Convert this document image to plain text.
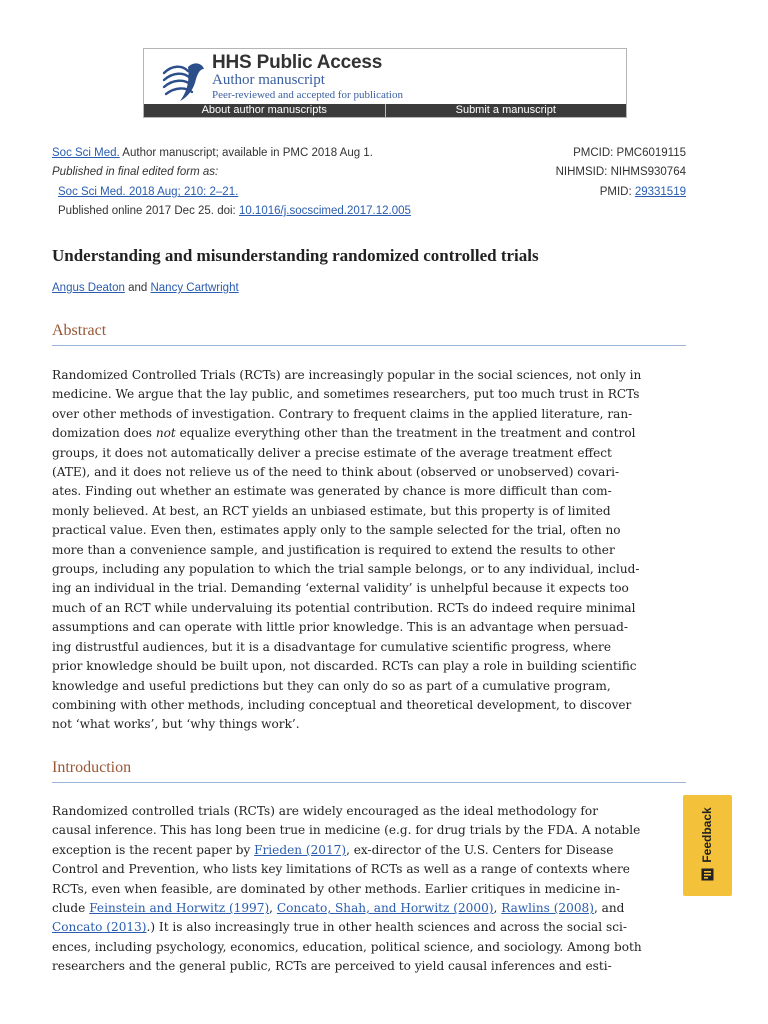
HHS Public Access
Author manuscript
Peer-reviewed and accepted for publication
About author manuscripts	Submit a manuscript
Soc Sci Med. Author manuscript; available in PMC 2018 Aug 1.
Published in final edited form as:
Soc Sci Med. 2018 Aug; 210: 2–21.
Published online 2017 Dec 25. doi: 10.1016/j.socscimed.2017.12.005
PMCID: PMC6019115
NIHMSID: NIHMS930764
PMID: 29331519
Understanding and misunderstanding randomized controlled trials
Angus Deaton and Nancy Cartwright
Abstract
Randomized Controlled Trials (RCTs) are increasingly popular in the social sciences, not only in
medicine. We argue that the lay public, and sometimes researchers, put too much trust in RCTs
over other methods of investigation. Contrary to frequent claims in the applied literature, ran-
domization does not equalize everything other than the treatment in the treatment and control
groups, it does not automatically deliver a precise estimate of the average treatment effect
(ATE), and it does not relieve us of the need to think about (observed or unobserved) covari-
ates. Finding out whether an estimate was generated by chance is more difficult than com-
monly believed. At best, an RCT yields an unbiased estimate, but this property is of limited
practical value. Even then, estimates apply only to the sample selected for the trial, often no
more than a convenience sample, and justification is required to extend the results to other
groups, including any population to which the trial sample belongs, or to any individual, includ-
ing an individual in the trial. Demanding ‘external validity’ is unhelpful because it expects too
much of an RCT while undervaluing its potential contribution. RCTs do indeed require minimal
assumptions and can operate with little prior knowledge. This is an advantage when persuad-
ing distrustful audiences, but it is a disadvantage for cumulative scientific progress, where
prior knowledge should be built upon, not discarded. RCTs can play a role in building scientific
knowledge and useful predictions but they can only do so as part of a cumulative program,
combining with other methods, including conceptual and theoretical development, to discover
not ‘what works’, but ‘why things work’.
Introduction
Randomized controlled trials (RCTs) are widely encouraged as the ideal methodology for
causal inference. This has long been true in medicine (e.g. for drug trials by the FDA. A notable
exception is the recent paper by Frieden (2017), ex-director of the U.S. Centers for Disease
Control and Prevention, who lists key limitations of RCTs as well as a range of contexts where
RCTs, even when feasible, are dominated by other methods. Earlier critiques in medicine in-
clude Feinstein and Horwitz (1997), Concato, Shah, and Horwitz (2000), Rawlins (2008), and
Concato (2013).) It is also increasingly true in other health sciences and across the social sci-
ences, including psychology, economics, education, political science, and sociology. Among both
researchers and the general public, RCTs are perceived to yield causal inferences and esti-
Feedback
